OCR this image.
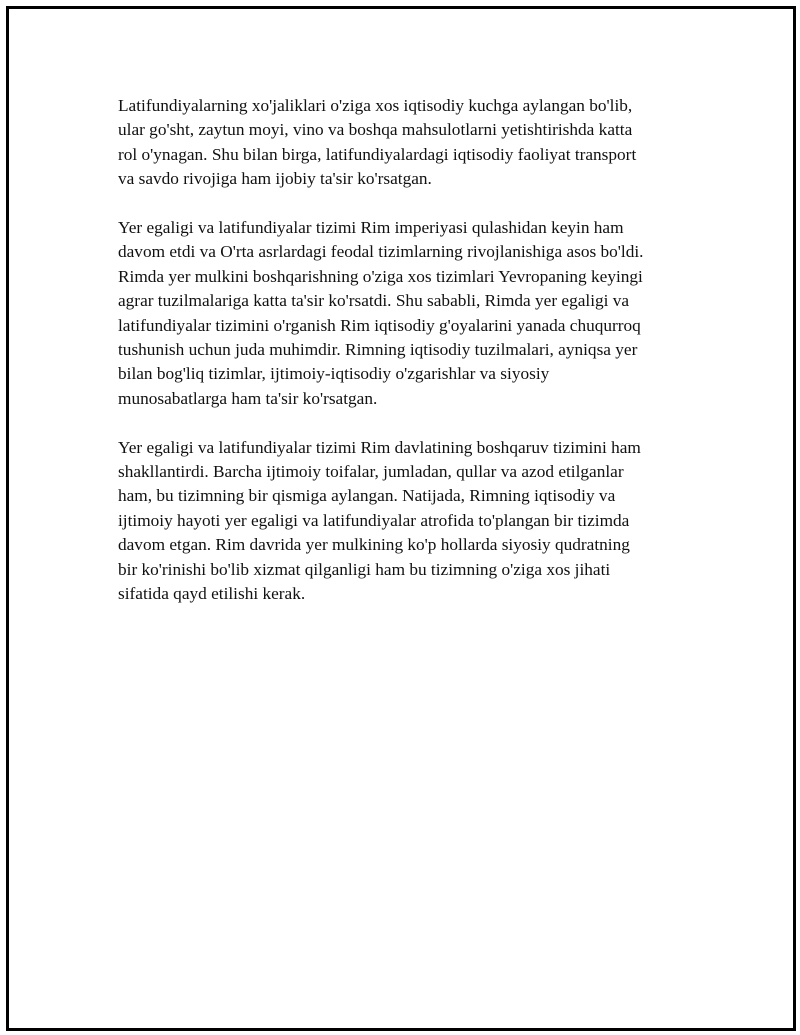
Latifundiyalarning xo'jaliklari o'ziga xos iqtisodiy kuchga aylangan bo'lib,
ular go'sht, zaytun moyi, vino va boshqa mahsulotlarni yetishtirishda katta
rol o'ynagan. Shu bilan birga, latifundiyalardagi iqtisodiy faoliyat transport
va savdo rivojiga ham ijobiy ta'sir ko'rsatgan.

Yer egaligi va latifundiyalar tizimi Rim imperiyasi qulashidan keyin ham
davom etdi va O'rta asrlardagi feodal tizimlarning rivojlanishiga asos bo'ldi.
Rimda yer mulkini boshqarishning o'ziga xos tizimlari Yevropaning keyingi
agrar tuzilmalariga katta ta'sir ko'rsatdi. Shu sababli, Rimda yer egaligi va
latifundiyalar tizimini o'rganish Rim iqtisodiy g'oyalarini yanada chuqurroq
tushunish uchun juda muhimdir. Rimning iqtisodiy tuzilmalari, ayniqsa yer
bilan bog'liq tizimlar, ijtimoiy-iqtisodiy o'zgarishlar va siyosiy
munosabatlarga ham ta'sir ko'rsatgan.

Yer egaligi va latifundiyalar tizimi Rim davlatining boshqaruv tizimini ham
shakllantirdi. Barcha ijtimoiy toifalar, jumladan, qullar va azod etilganlar
ham, bu tizimning bir qismiga aylangan. Natijada, Rimning iqtisodiy va
ijtimoiy hayoti yer egaligi va latifundiyalar atrofida to'plangan bir tizimda
davom etgan. Rim davrida yer mulkining ko'p hollarda siyosiy qudratning
bir ko'rinishi bo'lib xizmat qilganligi ham bu tizimning o'ziga xos jihati
sifatida qayd etilishi kerak.
